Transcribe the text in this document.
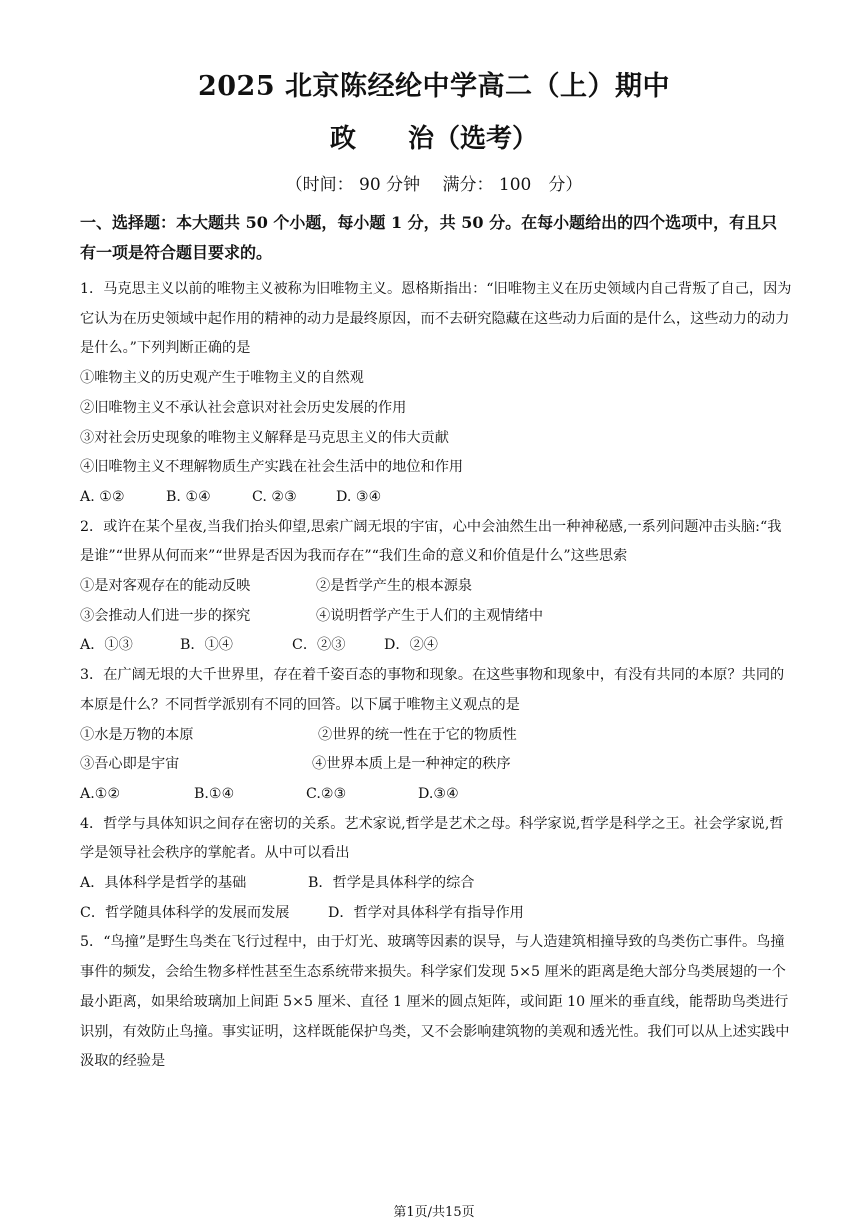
2025 北京陈经纶中学高二（上）期中
政　　治（选考）
（时间： 90 分钟　 满分： 100　分）
一、选择题：本大题共 50 个小题，每小题 1 分，共 50 分。在每小题给出的四个选项中，有且只有一项是符合题目要求的。

1．马克思主义以前的唯物主义被称为旧唯物主义。恩格斯指出：“旧唯物主义在历史领域内自己背叛了自己，因为它认为在历史领域中起作用的精神的动力是最终原因，而不去研究隐藏在这些动力后面的是什么，这些动力的动力是什么。”下列判断正确的是

①唯物主义的历史观产生于唯物主义的自然观

②旧唯物主义不承认社会意识对社会历史发展的作用

③对社会历史现象的唯物主义解释是马克思主义的伟大贡献

④旧唯物主义不理解物质生产实践在社会生活中的地位和作用

A. ①②	B. ①④	C. ②③	D. ③④

2．或许在某个星夜,当我们抬头仰望,思索广阔无垠的宇宙，心中会油然生出一种神秘感,一系列问题冲击头脑:“我是谁”“世界从何而来”“世界是否因为我而存在”“我们生命的意义和价值是什么”这些思索

①是对客观存在的能动反映	②是哲学产生的根本源泉
③会推动人们进一步的探究	④说明哲学产生于人们的主观情绪中
A．①③	B．①④	C．②③	D．②④

3．在广阔无垠的大千世界里，存在着千姿百态的事物和现象。在这些事物和现象中，有没有共同的本原？共同的本原是什么？不同哲学派别有不同的回答。以下属于唯物主义观点的是

①水是万物的本原	②世界的统一性在于它的物质性
③吾心即是宇宙	④世界本质上是一种神定的秩序
A.①②	B.①④	C.②③	D.③④

4．哲学与具体知识之间存在密切的关系。艺术家说,哲学是艺术之母。科学家说,哲学是科学之王。社会学家说,哲学是领导社会秩序的掌舵者。从中可以看出

A．具体科学是哲学的基础	B．哲学是具体科学的综合
C．哲学随具体科学的发展而发展	D．哲学对具体科学有指导作用

5．“鸟撞”是野生鸟类在飞行过程中，由于灯光、玻璃等因素的误导，与人造建筑相撞导致的鸟类伤亡事件。鸟撞事件的频发，会给生物多样性甚至生态系统带来损失。科学家们发现 5×5 厘米的距离是绝大部分鸟类展翅的一个最小距离，如果给玻璃加上间距 5×5 厘米、直径 1 厘米的圆点矩阵，或间距 10 厘米的垂直线，能帮助鸟类进行识别，有效防止鸟撞。事实证明，这样既能保护鸟类，又不会影响建筑物的美观和透光性。我们可以从上述实践中汲取的经验是

第1页/共15页
